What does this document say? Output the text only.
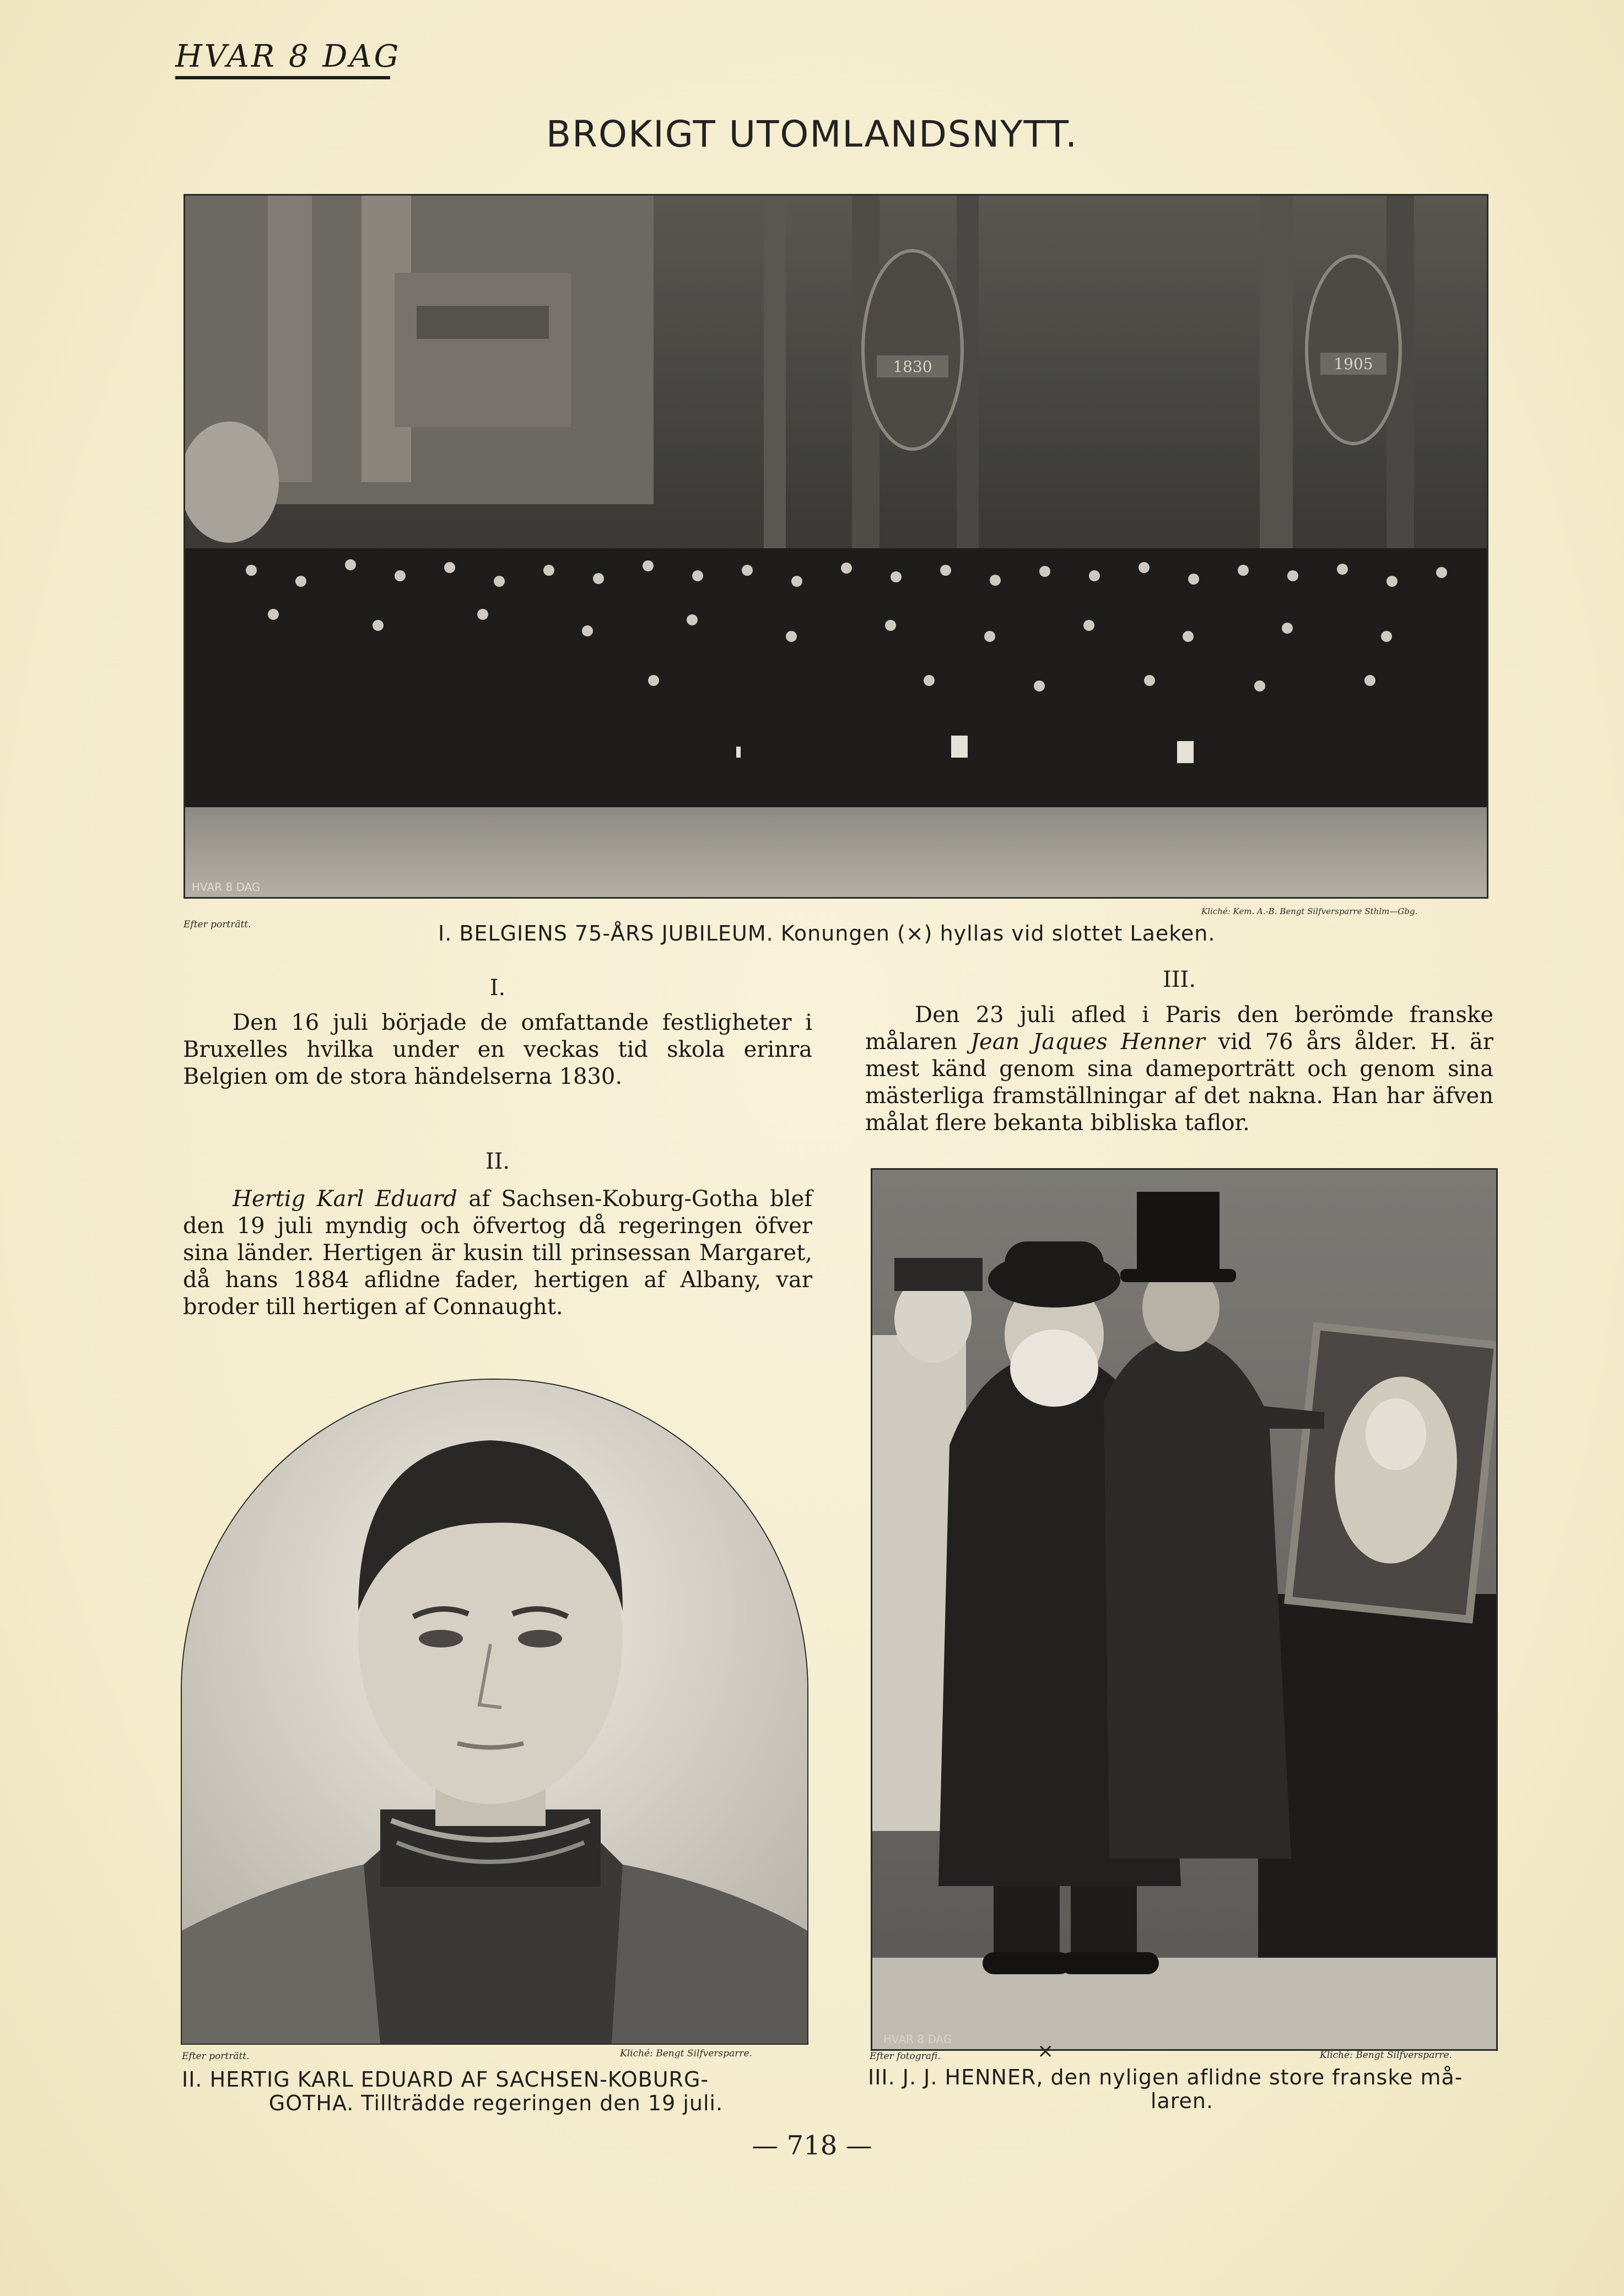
HVAR 8 DAG
BROKIGT UTOMLANDSNYTT.
1830	1905
HVAR 8 DAG
Efter porträtt.
Kliché: Kem. A.-B. Bengt Silfversparre Sthlm—Gbg.
I. BELGIENS 75-ÅRS JUBILEUM. Konungen (×) hyllas vid slottet Laeken.
I.
Den 16 juli började de omfattande festligheter i Bruxelles hvilka under en veckas tid skola erinra Belgien om de stora händelserna 1830.
II.
Hertig Karl Eduard af Sachsen-Koburg-Gotha blef den 19 juli myndig och öfvertog då regeringen öfver sina länder. Hertigen är kusin till prinsessan Margaret, då hans 1884 aflidne fader, hertigen af Albany, var broder till hertigen af Connaught.
III.
Den 23 juli afled i Paris den berömde franske målaren Jean Jaques Henner vid 76 års ålder. H. är mest känd genom sina dameporträtt och genom sina mästerliga framställningar af det nakna. Han har äfven målat flere bekanta bibliska taflor.
Efter porträtt.	Kliché: Bengt Silfversparre.
II. HERTIG KARL EDUARD AF SACHSEN-KOBURG-
GOTHA. Tillträdde regeringen den 19 juli.
HVAR 8 DAG
Efter fotografi.	Kliché: Bengt Silfversparre.
×
III. J. J. HENNER, den nyligen aflidne store franske må-
laren.
— 718 —
